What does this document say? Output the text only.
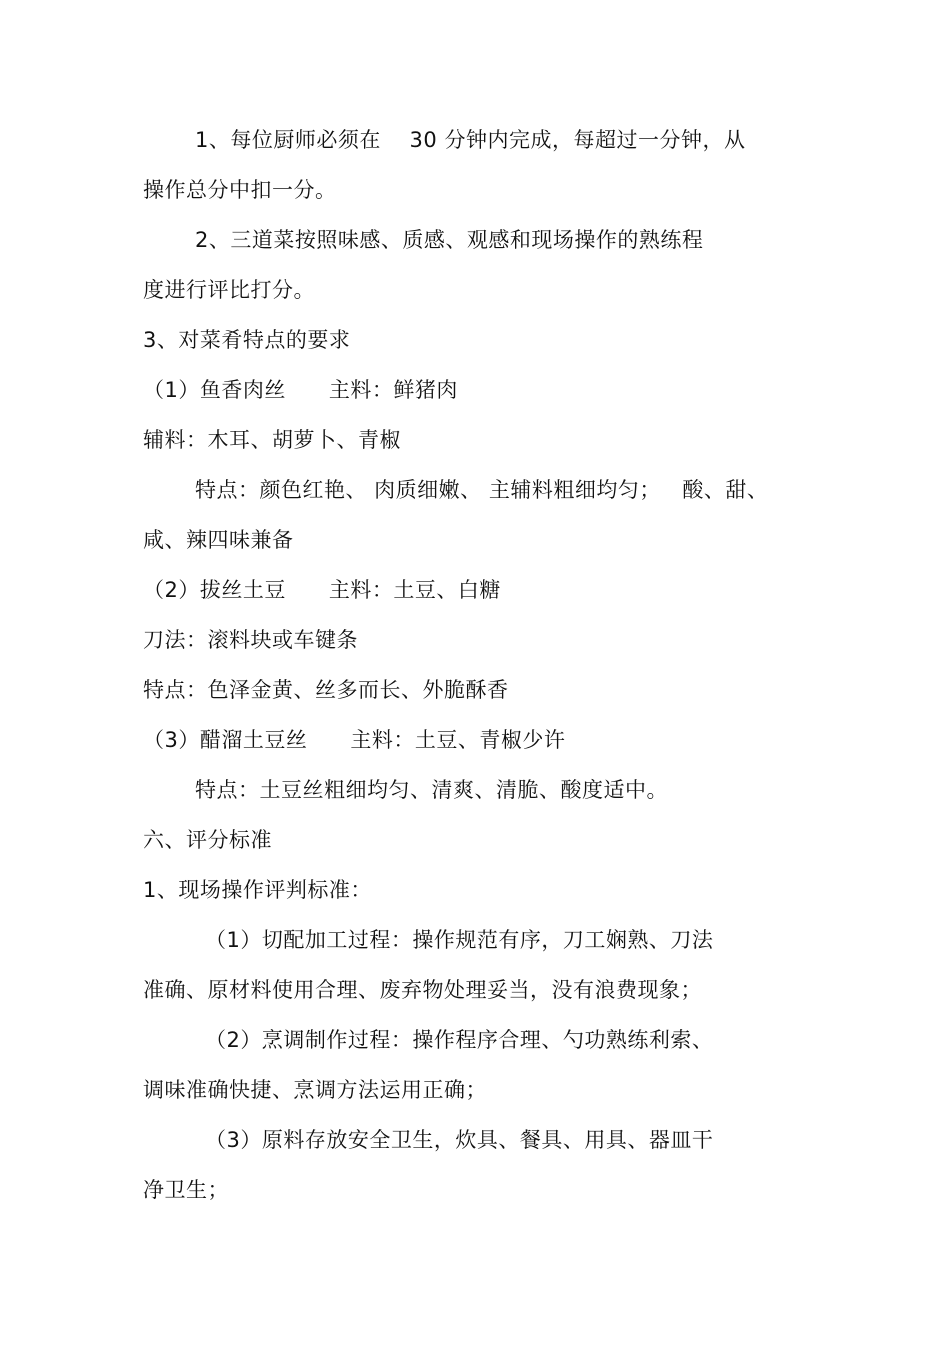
1、每位厨师必须在    30 分钟内完成，每超过一分钟，从
操作总分中扣一分。
2、三道菜按照味感、质感、观感和现场操作的熟练程
度进行评比打分。
3、对菜肴特点的要求
（1）鱼香肉丝      主料：鲜猪肉
辅料：木耳、胡萝卜、青椒
特点：颜色红艳、 肉质细嫩、 主辅料粗细均匀；   酸、甜、
咸、辣四味兼备
（2）拔丝土豆      主料：土豆、白糖
刀法：滚料块或车键条
特点：色泽金黄、丝多而长、外脆酥香
（3）醋溜土豆丝      主料：土豆、青椒少许
特点：土豆丝粗细均匀、清爽、清脆、酸度适中。
六、评分标准
1、现场操作评判标准：
（1）切配加工过程：操作规范有序，刀工娴熟、刀法
准确、原材料使用合理、废弃物处理妥当，没有浪费现象；
（2）烹调制作过程：操作程序合理、勺功熟练利索、
调味准确快捷、烹调方法运用正确；
（3）原料存放安全卫生，炊具、餐具、用具、器皿干
净卫生；
